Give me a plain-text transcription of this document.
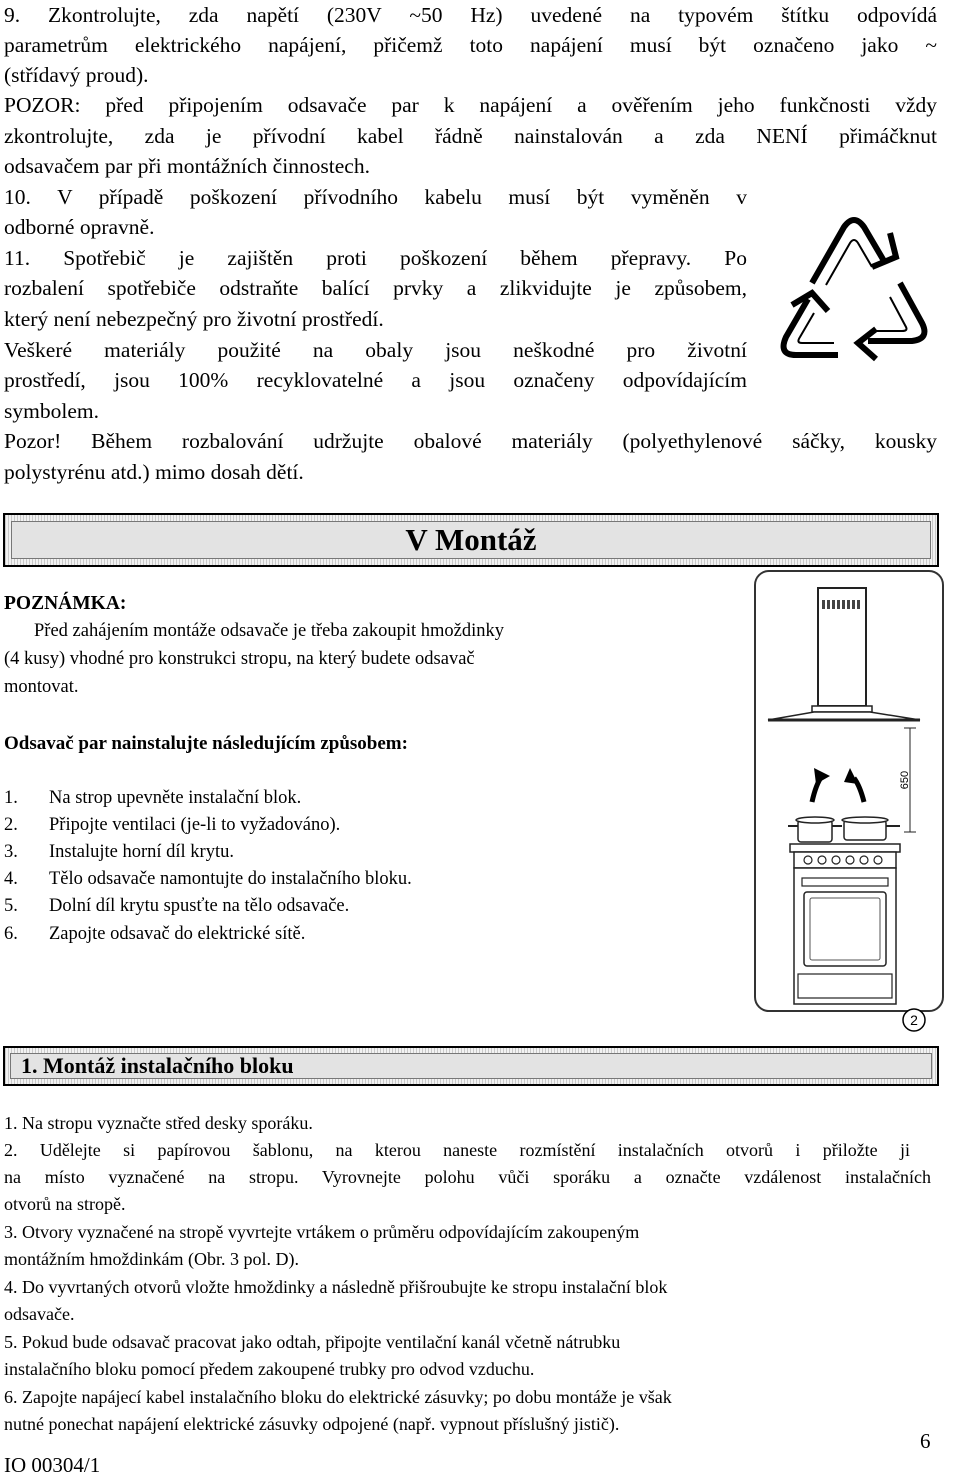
9. Zkontrolujte, zda napětí (230V ~50 Hz) uvedené na typovém štítku odpovídá
parametrům elektrického napájení, přičemž toto napájení musí být označeno jako ~
(střídavý proud).
POZOR: před připojením odsavače par k napájení a ověřením jeho funkčnosti vždy
zkontrolujte, zda je přívodní kabel řádně nainstalován a zda NENÍ přimáčknut
odsavačem par při montážních činnostech.
10. V případě poškození přívodního kabelu musí být vyměněn v
odborné opravně.
11. Spotřebič je zajištěn proti poškození během přepravy. Po
rozbalení spotřebiče odstraňte balící prvky a zlikvidujte je způsobem,
který není nebezpečný pro životní prostředí.
Veškeré materiály použité na obaly jsou neškodné pro životní
prostředí, jsou 100% recyklovatelné a jsou označeny odpovídajícím
symbolem.
Pozor! Během rozbalování udržujte obalové materiály (polyethylenové sáčky, kousky
polystyrénu atd.) mimo dosah dětí.
V Montáž
POZNÁMKA:
Před zahájením montáže odsavače je třeba zakoupit hmoždinky
(4 kusy) vhodné pro konstrukci stropu, na který budete odsavač
montovat.
Odsavač par nainstalujte následujícím způsobem:
1.	Na strop upevněte instalační blok.
2.	Připojte ventilaci (je-li to vyžadováno).
3.	Instalujte horní díl krytu.
4.	Tělo odsavače namontujte do instalačního bloku.
5.	Dolní díl krytu spusťte na tělo odsavače.
6.	Zapojte odsavač do elektrické sítě.
650
2
1. Montáž instalačního bloku
1. Na stropu vyznačte střed desky sporáku.
2. Udělejte si papírovou šablonu, na kterou naneste rozmístění instalačních otvorů i přiložte ji
na místo vyznačené na stropu. Vyrovnejte polohu vůči sporáku a označte vzdálenost instalačních
otvorů na stropě.
3. Otvory vyznačené na stropě vyvrtejte vrtákem o průměru odpovídajícím zakoupeným
montážním hmoždinkám (Obr. 3 pol. D).
4. Do vyvrtaných otvorů vložte hmoždinky a následně přišroubujte ke stropu instalační blok
odsavače.
5. Pokud bude odsavač pracovat jako odtah, připojte ventilační kanál včetně nátrubku
instalačního bloku pomocí předem zakoupené trubky pro odvod vzduchu.
6. Zapojte napájecí kabel instalačního bloku do elektrické zásuvky; po dobu montáže je však
nutné ponechat napájení elektrické zásuvky odpojené (např. vypnout příslušný jistič).
6
IO 00304/1
